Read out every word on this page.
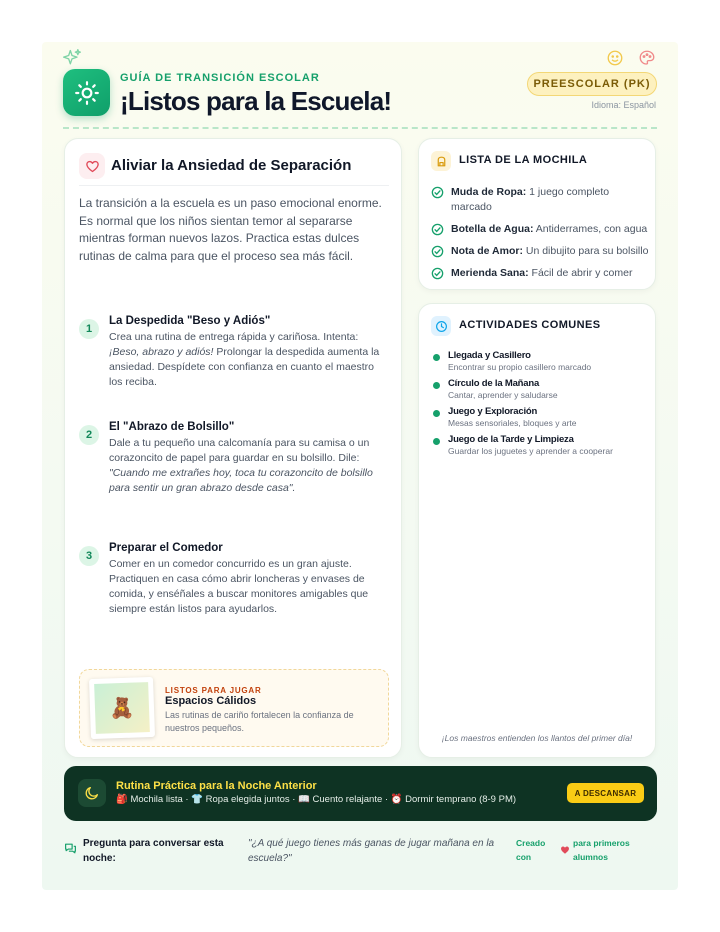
GUÍA DE TRANSICIÓN ESCOLAR
¡Listos para la Escuela!
PREESCOLAR (PK)
Idioma: Español
Aliviar la Ansiedad de Separación
La transición a la escuela es un paso emocional enorme. Es normal que los niños sientan temor al separarse mientras forman nuevos lazos. Practica estas dulces rutinas de calma para que el proceso sea más fácil.
1
La Despedida "Beso y Adiós"
Crea una rutina de entrega rápida y cariñosa. Intenta: ¡Beso, abrazo y adiós! Prolongar la despedida aumenta la ansiedad. Despídete con confianza en cuanto el maestro los reciba.
2
El "Abrazo de Bolsillo"
Dale a tu pequeño una calcomanía para su camisa o un corazoncito de papel para guardar en su bolsillo. Dile: "Cuando me extrañes hoy, toca tu corazoncito de bolsillo para sentir un gran abrazo desde casa".
3
Preparar el Comedor
Comer en un comedor concurrido es un gran ajuste. Practiquen en casa cómo abrir loncheras y envases de comida, y enséñales a buscar monitores amigables que siempre están listos para ayudarlos.
🧸
LISTOS PARA JUGAR
Espacios Cálidos
Las rutinas de cariño fortalecen la confianza de nuestros pequeños.
LISTA DE LA MOCHILA
Muda de Ropa: 1 juego completo marcado
Botella de Agua: Antiderrames, con agua
Nota de Amor: Un dibujito para su bolsillo
Merienda Sana: Fácil de abrir y comer
ACTIVIDADES COMUNES
Llegada y Casillero
Encontrar su propio casillero marcado
Círculo de la Mañana
Cantar, aprender y saludarse
Juego y Exploración
Mesas sensoriales, bloques y arte
Juego de la Tarde y Limpieza
Guardar los juguetes y aprender a cooperar
¡Los maestros entienden los llantos del primer día!
Rutina Práctica para la Noche Anterior
🎒 Mochila lista · 👕 Ropa elegida juntos · 📖 Cuento relajante · ⏰ Dormir temprano (8-9 PM)
A DESCANSAR
Pregunta para conversar esta noche:
"¿A qué juego tienes más ganas de jugar mañana en la escuela?"
Creado con
para primeros alumnos
